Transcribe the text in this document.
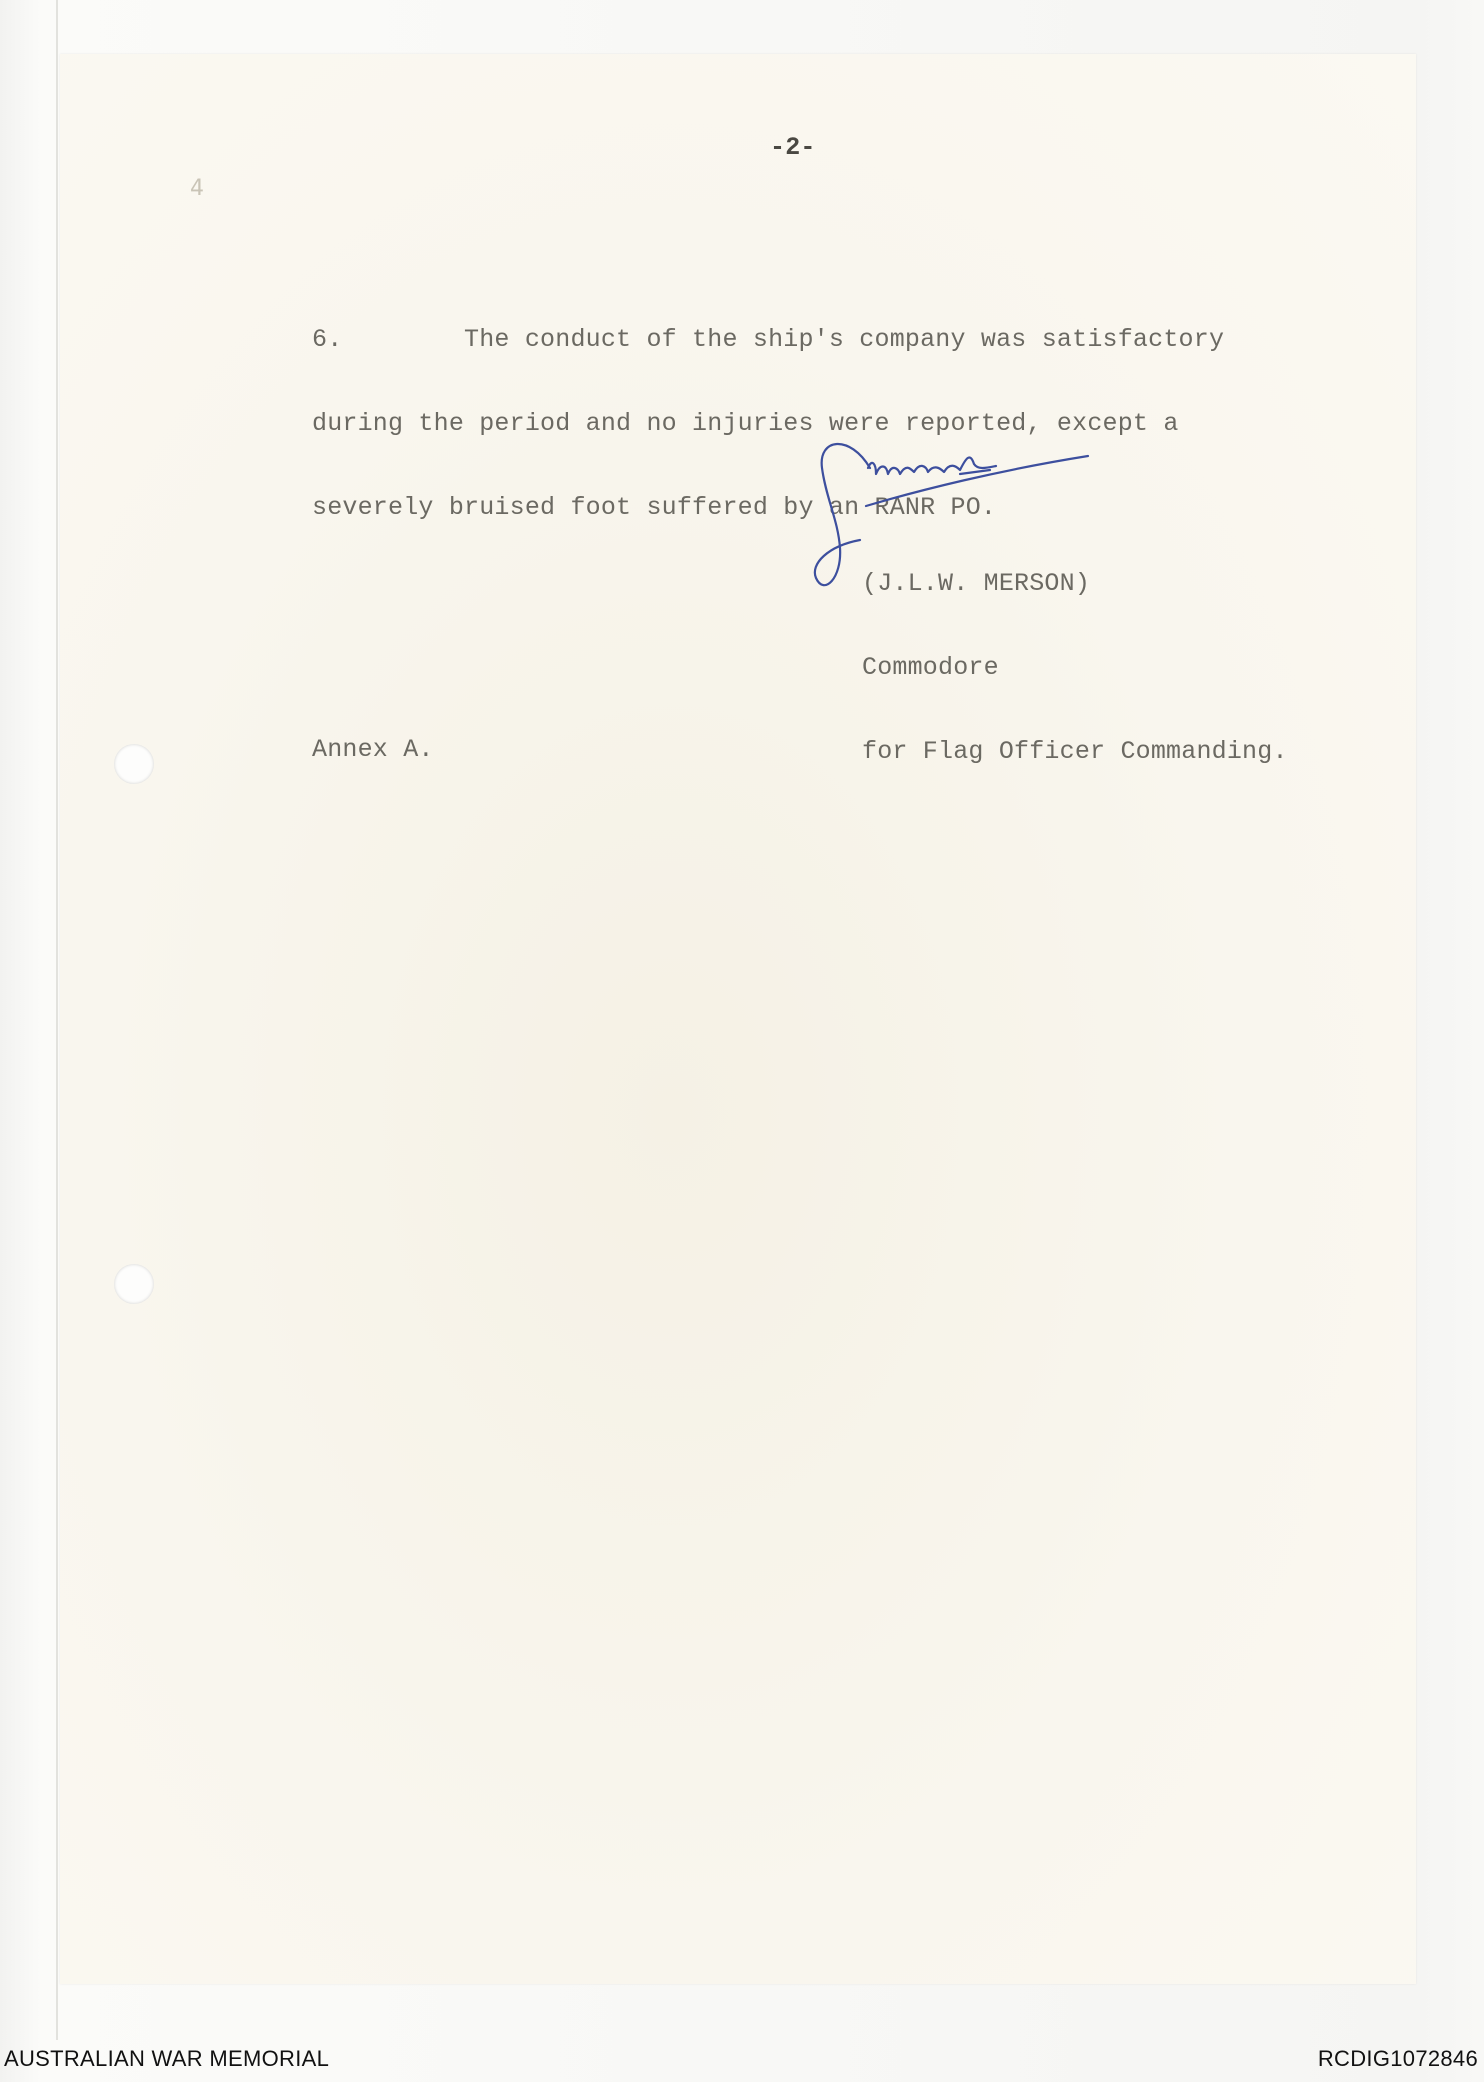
4
-2-

6.        The conduct of the ship's company was satisfactory

during the period and no injuries were reported, except a

severely bruised foot suffered by an RANR PO.

(J.L.W. MERSON)

Commodore

for Flag Officer Commanding.

Annex A.
AUSTRALIAN WAR MEMORIAL	RCDIG1072846
